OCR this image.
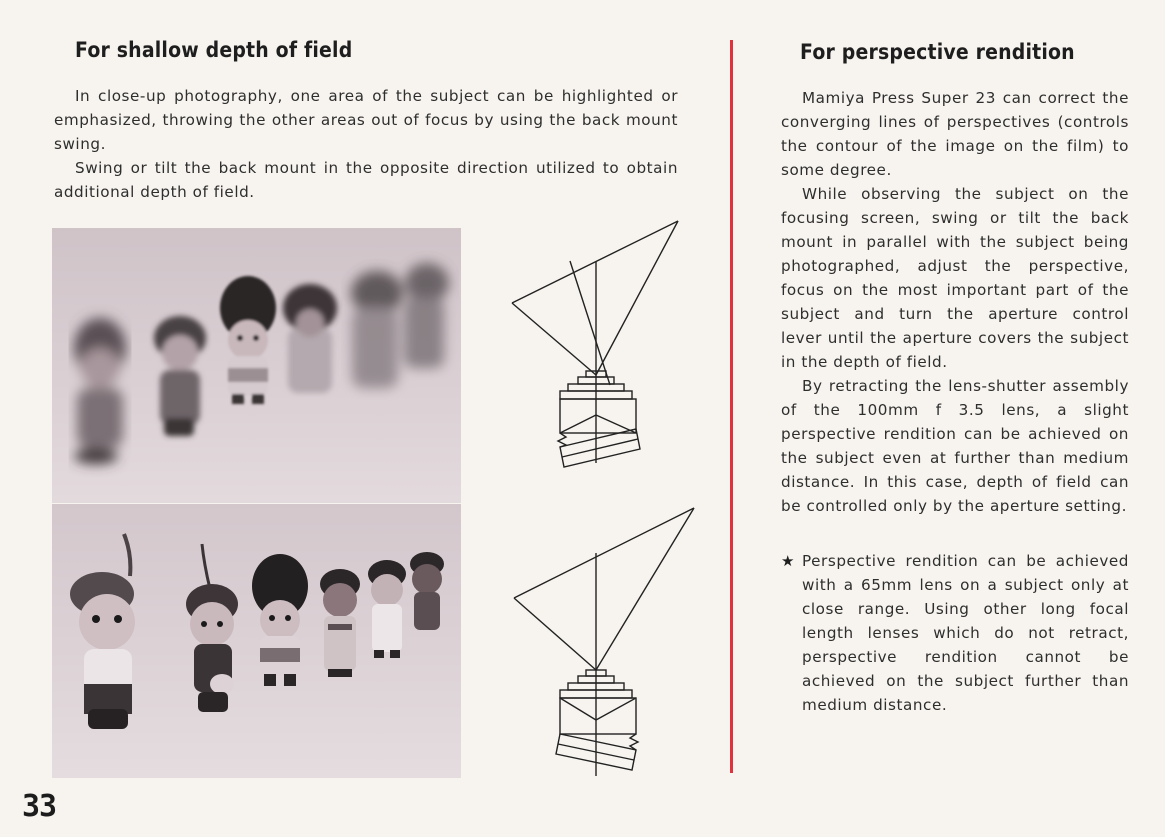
For shallow depth of field

In close-up photography, one area of the subject can be highlighted or emphasized, throwing the other areas out of focus by using the back mount swing.

Swing or tilt the back mount in the opposite direction utilized to obtain additional depth of field.

For perspective rendition

Mamiya Press Super 23 can correct the converging lines of perspectives (controls the contour of the image on the film) to some degree.

While observing the subject on the focusing screen, swing or tilt the back mount in parallel with the subject being photographed, adjust the perspective, focus on the most important part of the subject and turn the aperture control lever until the aperture covers the subject in the depth of field.

By retracting the lens-shutter assembly of the 100mm f 3.5 lens, a slight perspective rendition can be achieved on the subject even at further than medium distance. In this case, depth of field can be controlled only by the aperture setting.

★ Perspective rendition can be achieved with a 65mm lens on a subject only at close range. Using other long focal length lenses which do not retract, perspective rendition cannot be achieved on the subject further than medium distance.
33
